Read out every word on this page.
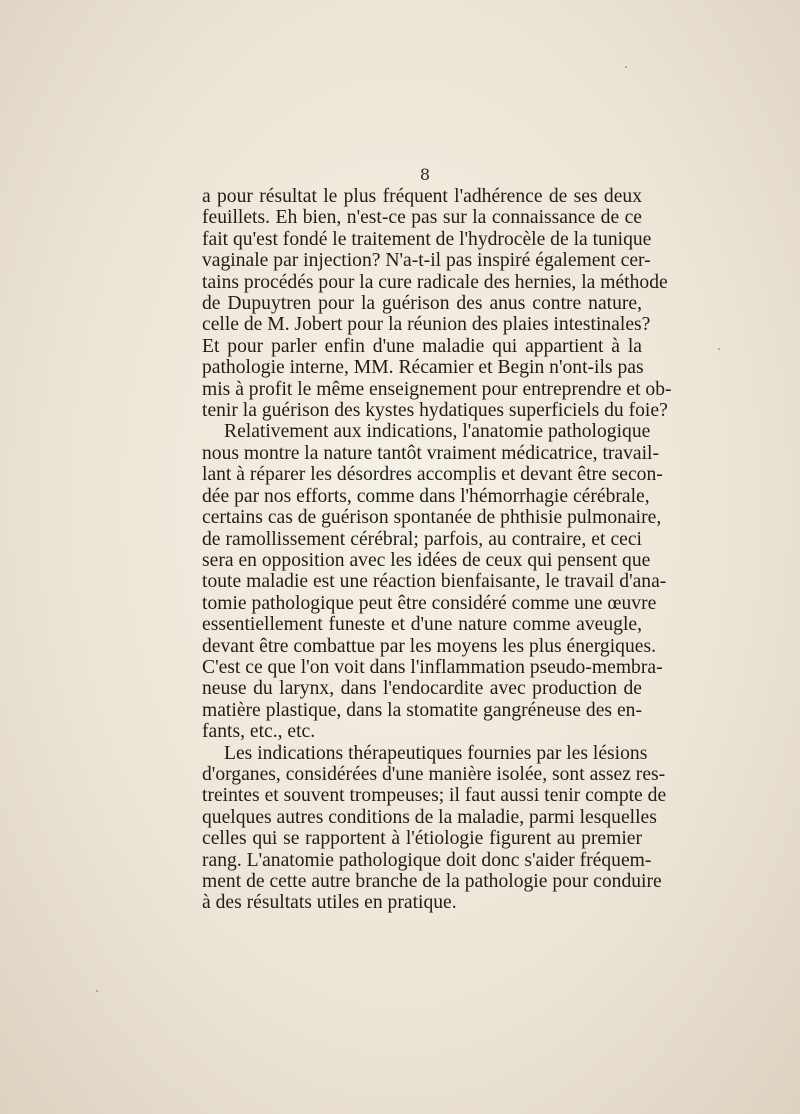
8
a pour résultat le plus fréquent l'adhérence de ses deux
feuillets. Eh bien, n'est-ce pas sur la connaissance de ce
fait qu'est fondé le traitement de l'hydrocèle de la tunique
vaginale par injection? N'a-t-il pas inspiré également cer-
tains procédés pour la cure radicale des hernies, la méthode
de Dupuytren pour la guérison des anus contre nature,
celle de M. Jobert pour la réunion des plaies intestinales?
Et pour parler enfin d'une maladie qui appartient à la
pathologie interne, MM. Récamier et Begin n'ont-ils pas
mis à profit le même enseignement pour entreprendre et ob-
tenir la guérison des kystes hydatiques superficiels du foie?
Relativement aux indications, l'anatomie pathologique
nous montre la nature tantôt vraiment médicatrice, travail-
lant à réparer les désordres accomplis et devant être secon-
dée par nos efforts, comme dans l'hémorrhagie cérébrale,
certains cas de guérison spontanée de phthisie pulmonaire,
de ramollissement cérébral; parfois, au contraire, et ceci
sera en opposition avec les idées de ceux qui pensent que
toute maladie est une réaction bienfaisante, le travail d'ana-
tomie pathologique peut être considéré comme une œuvre
essentiellement funeste et d'une nature comme aveugle,
devant être combattue par les moyens les plus énergiques.
C'est ce que l'on voit dans l'inflammation pseudo-membra-
neuse du larynx, dans l'endocardite avec production de
matière plastique, dans la stomatite gangréneuse des en-
fants, etc., etc.
Les indications thérapeutiques fournies par les lésions
d'organes, considérées d'une manière isolée, sont assez res-
treintes et souvent trompeuses; il faut aussi tenir compte de
quelques autres conditions de la maladie, parmi lesquelles
celles qui se rapportent à l'étiologie figurent au premier
rang. L'anatomie pathologique doit donc s'aider fréquem-
ment de cette autre branche de la pathologie pour conduire
à des résultats utiles en pratique.
